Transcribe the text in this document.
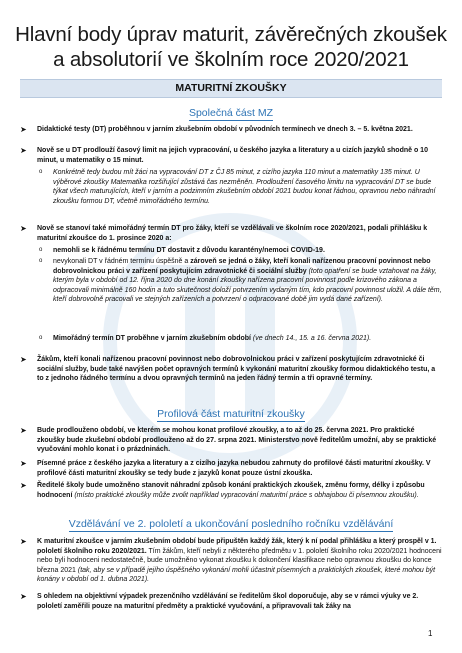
Hlavní body úprav maturit, závěrečných zkoušek a absolutorií ve školním roce 2020/2021
MATURITNÍ ZKOUŠKY
Společná část MZ
➤ Didaktické testy (DT) proběhnou v jarním zkušebním období v původních termínech ve dnech 3. – 5. května 2021.
➤ Nově se u DT prodlouží časový limit na jejich vypracování, u českého jazyka a literatury a u cizích jazyků shodně o 10 minut, u matematiky o 15 minut.
o Konkrétně tedy budou mít žáci na vypracování DT z ČJ 85 minut, z cizího jazyka 110 minut a matematiky 135 minut. U výběrové zkoušky Matematika rozšiřující zůstává čas nezměněn. Prodloužení časového limitu na vypracování DT se bude týkat všech maturujících, kteří v jarním a podzimním zkušebním období 2021 budou konat řádnou, opravnou nebo náhradní zkoušku formou DT, včetně mimořádného termínu.
➤ Nově se stanoví také mimořádný termín DT pro žáky, kteří se vzdělávali ve školním roce 2020/2021, podali přihlášku k maturitní zkoušce do 1. prosince 2020 a:
o nemohli se k řádnému termínu DT dostavit z důvodu karantény/nemoci COVID-19.
o nevykonali DT v řádném termínu úspěšně a zároveň se jedná o žáky, kteří konali nařízenou pracovní povinnost nebo dobrovolnickou práci v zařízení poskytujícím zdravotnické či sociální služby (toto opatření se bude vztahovat na žáky, kterým byla v období od 12. října 2020 do dne konání zkoušky nařízena pracovní povinnost podle krizového zákona a odpracovali minimálně 160 hodin a tuto skutečnost doloží potvrzením vydaným tím, kdo pracovní povinnost uložil. A dále těm, kteří dobrovolně pracovali ve stejných zařízeních a potvrzení o odpracované době jim vydá dané zařízení).
o Mimořádný termín DT proběhne v jarním zkušebním období (ve dnech 14., 15. a 16. června 2021).
➤ Žákům, kteří konali nařízenou pracovní povinnost nebo dobrovolnickou práci v zařízení poskytujícím zdravotnické či sociální služby, bude také navýšen počet opravných termínů k vykonání maturitní zkoušky formou didaktického testu, a to z jednoho řádného termínu a dvou opravných termínů na jeden řádný termín a tři opravné termíny.
Profilová část maturitní zkoušky
➤ Bude prodlouženo období, ve kterém se mohou konat profilové zkoušky, a to až do 25. června 2021. Pro praktické zkoušky bude zkušební období prodlouženo až do 27. srpna 2021. Ministerstvo nově ředitelům umožní, aby se praktické vyučování mohlo konat i o prázdninách.
➤ Písemné práce z českého jazyka a literatury a z cizího jazyka nebudou zahrnuty do profilové části maturitní zkoušky. V profilové části maturitní zkoušky se tedy bude z jazyků konat pouze ústní zkouška.
➤ Ředitelé školy bude umožněno stanovit náhradní způsob konání praktických zkoušek, změnu formy, délky i způsobu hodnocení (místo praktické zkoušky může zvolit například vypracování maturitní práce s obhajobou či písemnou zkoušku).
Vzdělávání ve 2. pololetí a ukončování posledního ročníku vzdělávání
➤ K maturitní zkoušce v jarním zkušebním období bude připuštěn každý žák, který k ní podal přihlášku a který prospěl v 1. pololetí školního roku 2020/2021. Tím žákům, kteří nebyli z některého předmětu v 1. pololetí školního roku 2020/2021 hodnoceni nebo byli hodnoceni nedostatečně, bude umožněno vykonat zkoušku k dokončení klasifikace nebo opravnou zkoušku do konce března 2021 (tak, aby se v případě jejího úspěšného vykonání mohli účastnit písemných a praktických zkoušek, které mohou být konány v období od 1. dubna 2021).
➤ S ohledem na objektivní výpadek prezenčního vzdělávání se ředitelům škol doporučuje, aby se v rámci výuky ve 2. pololetí zaměřili pouze na maturitní předměty a praktické vyučování, a připravovali tak žáky na
1
